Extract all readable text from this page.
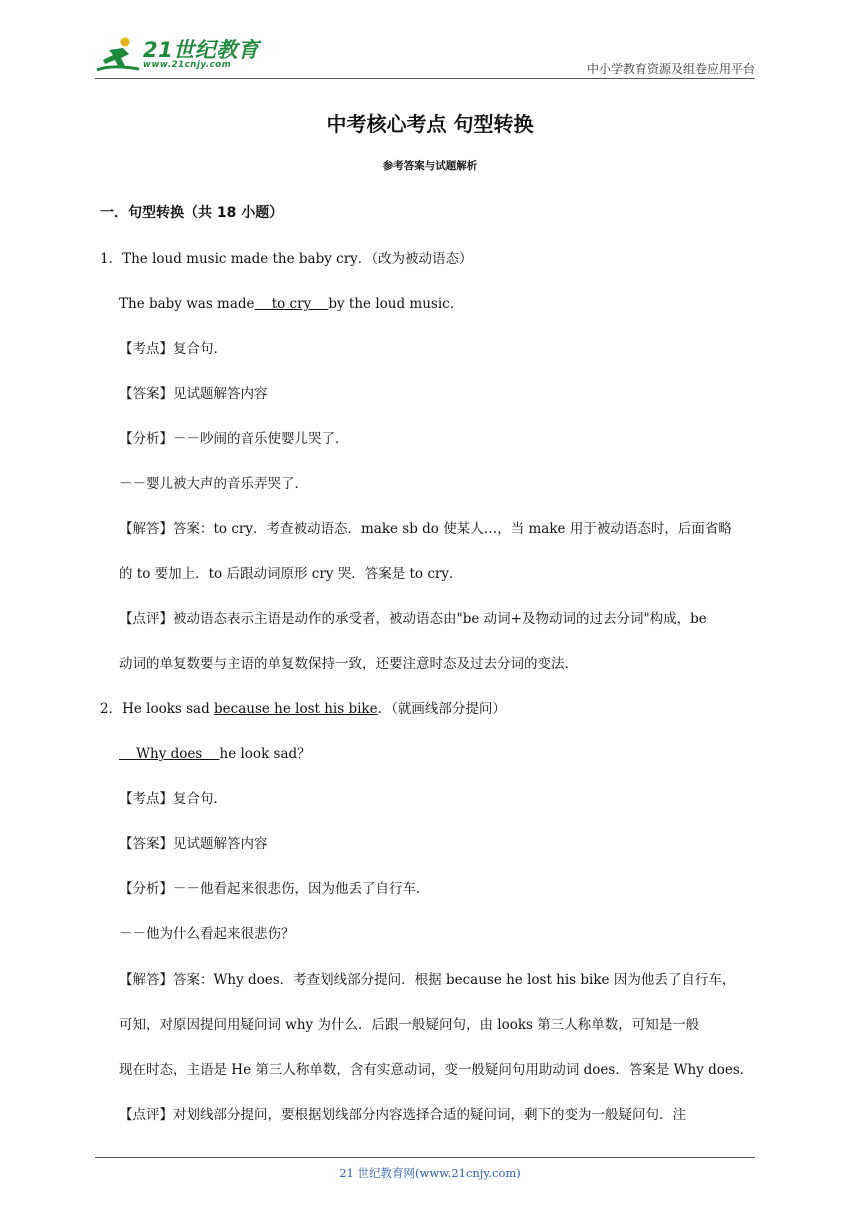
21世纪教育
www.21cnjy.com	中小学教育资源及组卷应用平台
中考核心考点 句型转换
参考答案与试题解析
一．句型转换（共 18 小题）
1．The loud music made the baby cry．（改为被动语态）
The baby was made    to cry    by the loud music．
【考点】复合句．
【答案】见试题解答内容
【分析】－－吵闹的音乐使婴儿哭了．
－－婴儿被大声的音乐弄哭了．
【解答】答案：to cry．考查被动语态．make sb do 使某人…，当 make 用于被动语态时，后面省略
的 to 要加上．to 后跟动词原形 cry 哭．答案是 to cry．
【点评】被动语态表示主语是动作的承受者，被动语态由"be 动词+及物动词的过去分词"构成，be
动词的单复数要与主语的单复数保持一致，还要注意时态及过去分词的变法．
2．He looks sad because he lost his bike．（就画线部分提问）
Why does    he look sad？
【考点】复合句．
【答案】见试题解答内容
【分析】－－他看起来很悲伤，因为他丢了自行车．
－－他为什么看起来很悲伤？
【解答】答案：Why does．考查划线部分提问．根据 because he lost his bike 因为他丢了自行车，
可知，对原因提问用疑问词 why 为什么．后跟一般疑问句，由 looks 第三人称单数，可知是一般
现在时态，主语是 He 第三人称单数，含有实意动词，变一般疑问句用助动词 does．答案是 Why does．
【点评】对划线部分提问，要根据划线部分内容选择合适的疑问词，剩下的变为一般疑问句．注
21 世纪教育网(www.21cnjy.com)
